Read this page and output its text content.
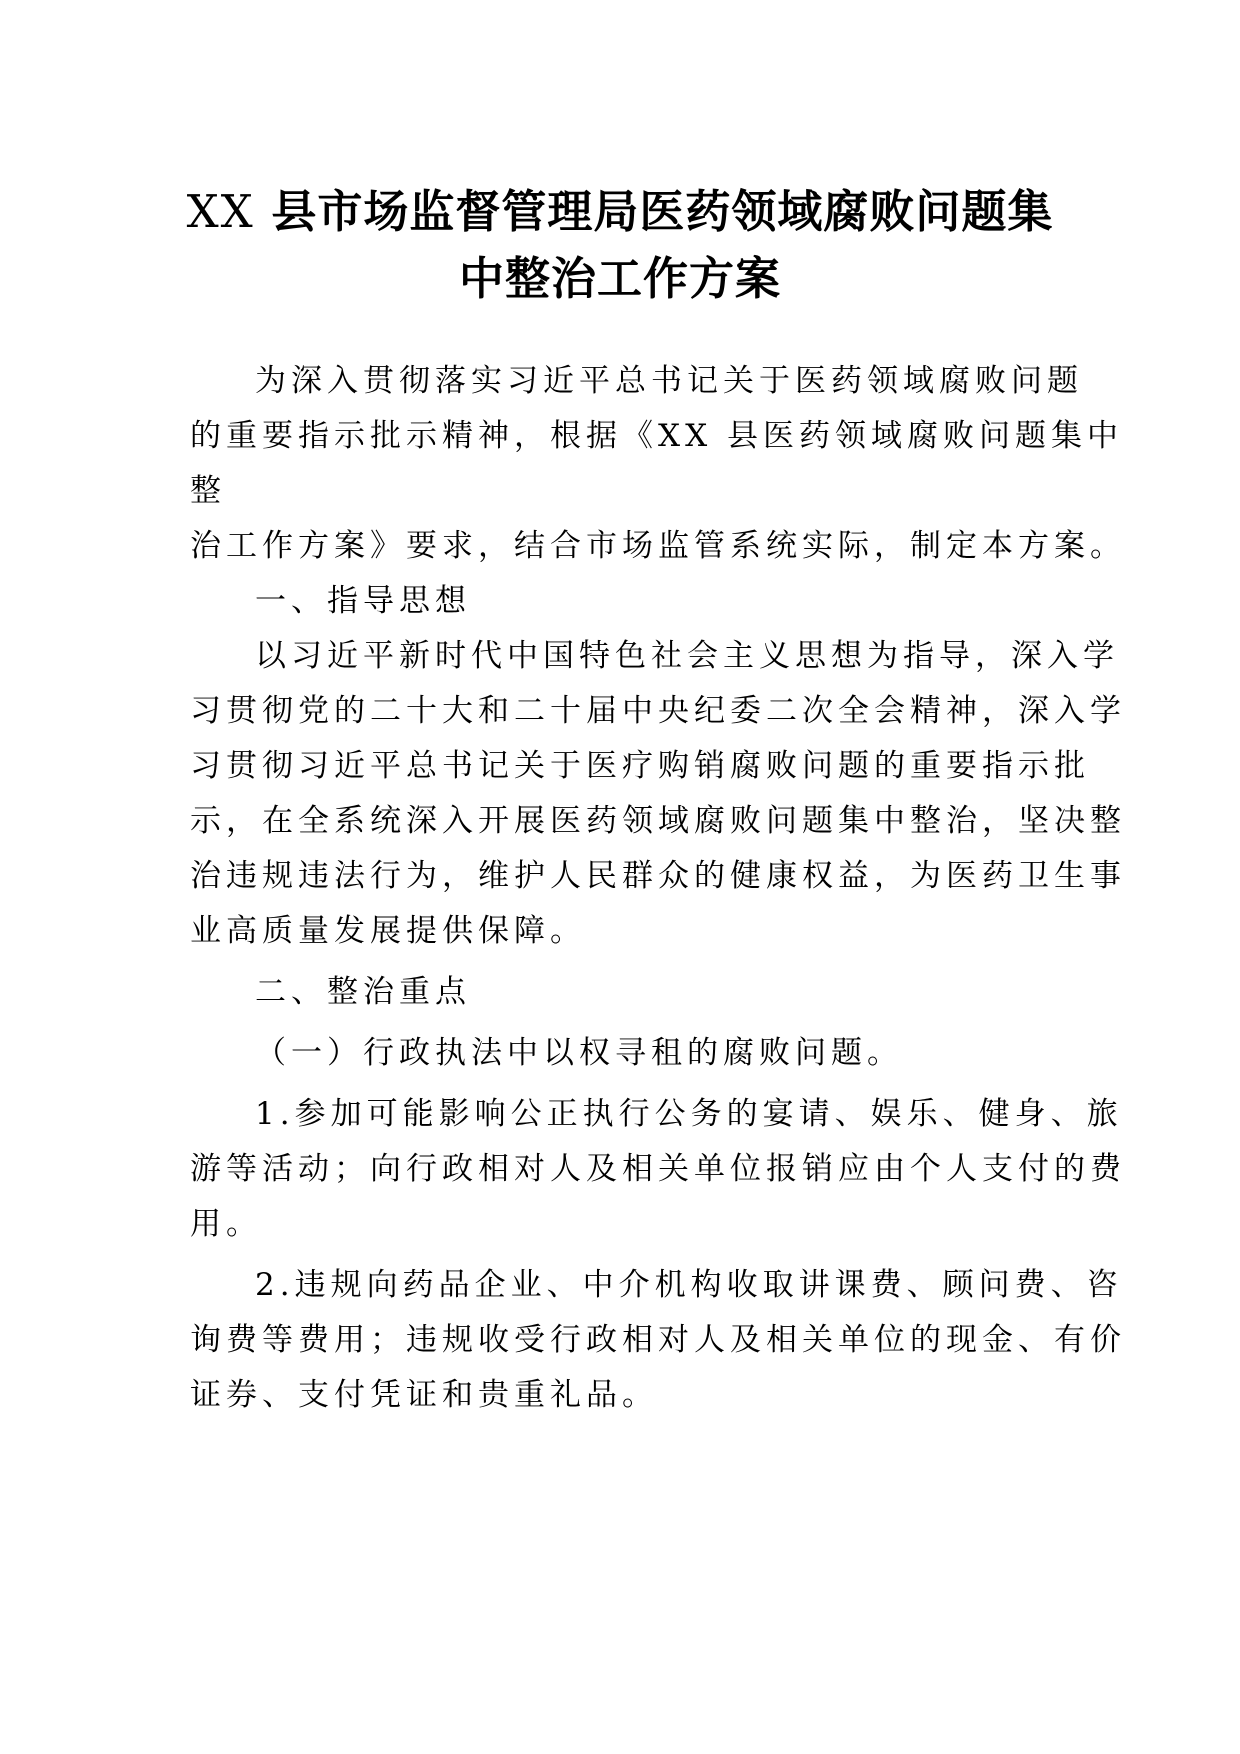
XX 县市场监督管理局医药领域腐败问题集
中整治工作方案
为深入贯彻落实习近平总书记关于医药领域腐败问题
的重要指示批示精神，根据《XX 县医药领域腐败问题集中
整
治工作方案》要求，结合市场监管系统实际，制定本方案。
一、指导思想
以习近平新时代中国特色社会主义思想为指导，深入学
习贯彻党的二十大和二十届中央纪委二次全会精神，深入学
习贯彻习近平总书记关于医疗购销腐败问题的重要指示批
示，在全系统深入开展医药领域腐败问题集中整治，坚决整
治违规违法行为，维护人民群众的健康权益，为医药卫生事
业高质量发展提供保障。
二、整治重点
（一）行政执法中以权寻租的腐败问题。
1.参加可能影响公正执行公务的宴请、娱乐、健身、旅
游等活动；向行政相对人及相关单位报销应由个人支付的费
用。
2.违规向药品企业、中介机构收取讲课费、顾问费、咨
询费等费用；违规收受行政相对人及相关单位的现金、有价
证券、支付凭证和贵重礼品。
